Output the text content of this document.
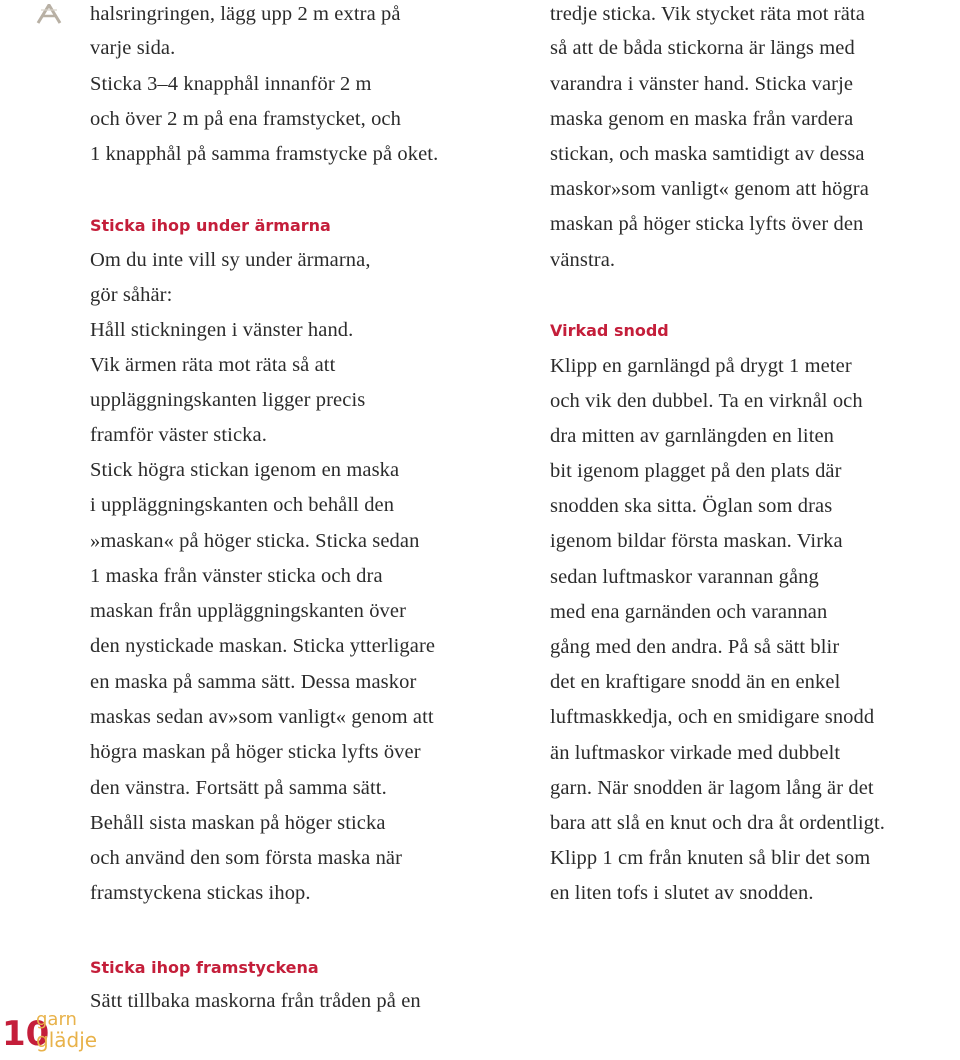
halsringringen, lägg upp 2 m extra på
varje sida.
Sticka 3–4 knapphål innanför 2 m
och över 2 m på ena framstycket, och
1 knapphål på samma framstycke på oket.
Sticka ihop under ärmarna
Om du inte vill sy under ärmarna,
gör såhär:
Håll stickningen i vänster hand.
Vik ärmen räta mot räta så att
uppläggningskanten ligger precis
framför väster sticka.
Stick högra stickan igenom en maska
i uppläggningskanten och behåll den
»maskan« på höger sticka. Sticka sedan
1 maska från vänster sticka och dra
maskan från uppläggningskanten över
den nystickade maskan. Sticka ytterligare
en maska på samma sätt. Dessa maskor
maskas sedan av»som vanligt« genom att
högra maskan på höger sticka lyfts över
den vänstra. Fortsätt på samma sätt.
Behåll sista maskan på höger sticka
och använd den som första maska när
framstyckena stickas ihop.
Sticka ihop framstyckena
Sätt tillbaka maskorna från tråden på en
tredje sticka. Vik stycket räta mot räta
så att de båda stickorna är längs med
varandra i vänster hand. Sticka varje
maska genom en maska från vardera
stickan, och maska samtidigt av dessa
maskor»som vanligt« genom att högra
maskan på höger sticka lyfts över den
vänstra.
Virkad snodd
Klipp en garnlängd på drygt 1 meter
och vik den dubbel. Ta en virknål och
dra mitten av garnlängden en liten
bit igenom plagget på den plats där
snodden ska sitta. Öglan som dras
igenom bildar första maskan. Virka
sedan luftmaskor varannan gång
med ena garnänden och varannan
gång med den andra. På så sätt blir
det en kraftigare snodd än en enkel
luftmaskkedja, och en smidigare snodd
än luftmaskor virkade med dubbelt
garn. När snodden är lagom lång är det
bara att slå en knut och dra åt ordentligt.
Klipp 1 cm från knuten så blir det som
en liten tofs i slutet av snodden.
10
garn
glädje
